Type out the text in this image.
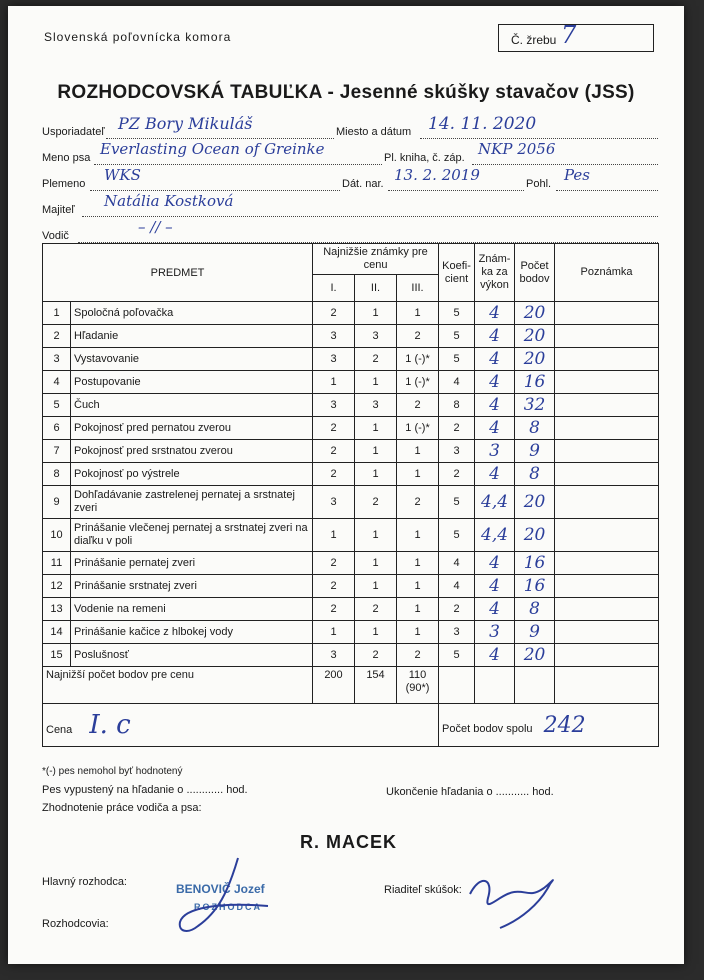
Slovenská poľovnícka komora	Č. žrebu 7
ROZHODCOVSKÁ TABUĽKA - Jesenné skúšky stavačov (JSS)
Usporiadateľ PZ Bory Mikuláš	Miesto a dátum 14. 11. 2020
Meno psa Everlasting Ocean of Greinke	Pl. kniha, č. záp. NKP 2056
Plemeno	WKS	Dát. nar. 13. 2. 2019	Pohl. Pes
Majiteľ	Natália Kostková
Vodič	– // –
PREDMET		Najnižšie známky pre cenu			Koefi-cient	Znám-ka za výkon	Počet bodov	Poznámka
		I.	II.	III.				
1	Spoločná poľovačka	2	1	1	5	4	20	
2	Hľadanie	3	3	2	5	4	20	
3	Vystavovanie	3	2	1 (-)*	5	4	20	
4	Postupovanie	1	1	1 (-)*	4	4	16	
5	Čuch	3	3	2	8	4	32	
6	Pokojnosť pred pernatou zverou	2	1	1 (-)*	2	4	8	
7	Pokojnosť pred srstnatou zverou	2	1	1	3	3	9	
8	Pokojnosť po výstrele	2	1	1	2	4	8	
9	Dohľadávanie zastrelenej pernatej a srstnatej zveri	3	2	2	5	4,4	20	
10	Prinášanie vlečenej pernatej a srstnatej zveri na diaľku v poli	1	1	1	5	4,4	20	
11	Prinášanie pernatej zveri	2	1	1	4	4	16	
12	Prinášanie srstnatej zveri	2	1	1	4	4	16	
13	Vodenie na remeni	2	2	1	2	4	8	
14	Prinášanie kačice z hlbokej vody	1	1	1	3	3	9	
15	Poslušnosť	3	2	2	5	4	20	
Najnižší počet bodov pre cenu		200	154	110 (90*)				
Cena I. c					Počet bodov spolu 242			
*(-) pes nemohol byť hodnotený
Pes vypustený na hľadanie o ............ hod.	Ukončenie hľadania o ........... hod.
Zhodnotenie práce vodiča a psa:
R. MACEK
Hlavný rozhodca:	BENOVIČ Jozef
ROZHODCA
Riaditeľ skúšok:
Rozhodcovia:
